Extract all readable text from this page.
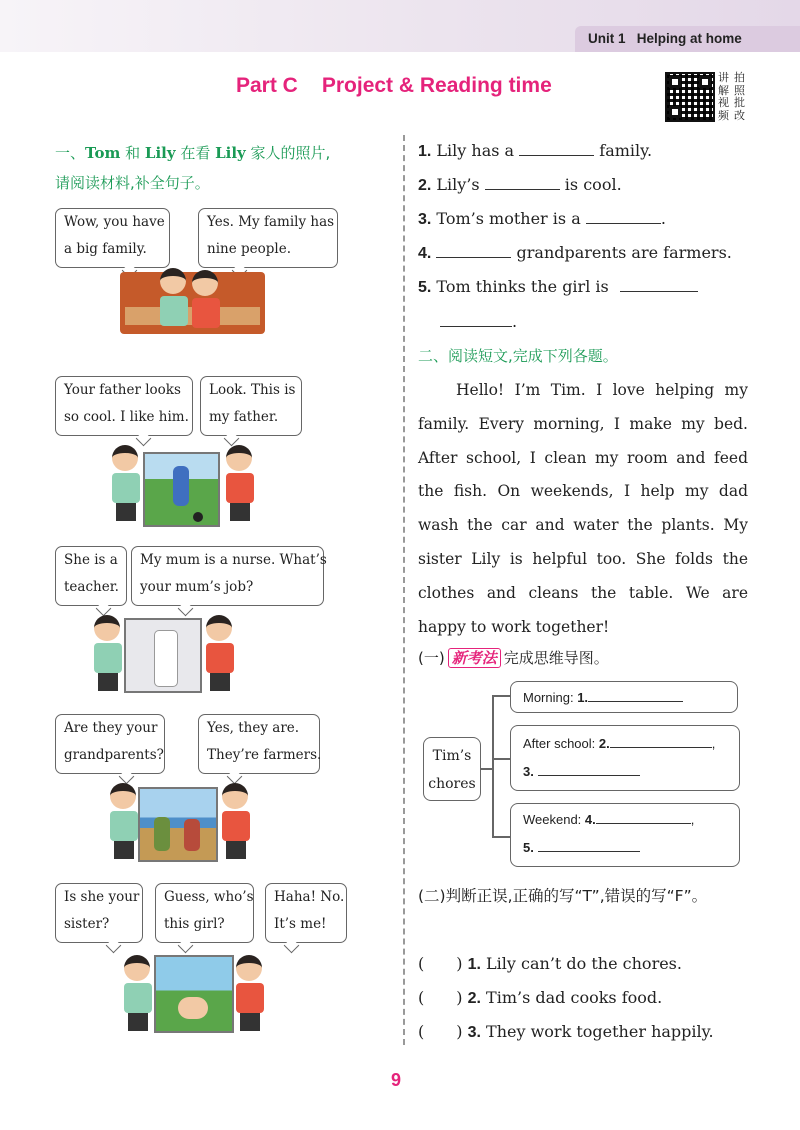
Unit 1 Helping at home
Part C Project & Reading time	讲 拍
解 照
视 批
频 改
一、Tom 和 Lily 在看 Lily 家人的照片,
请阅读材料,补全句子。
Wow, you have
a big family.
Yes. My family has
nine people.
Your father looks
so cool. I like him.
Look. This is
my father.
She is a
teacher.
My mum is a nurse. What’s
your mum’s job?
Are they your
grandparents?
Yes, they are.
They’re farmers.
Is she your
sister?
Guess, who’s
this girl?
Haha! No.
It’s me!
1. Lily has a	family.
2. Lily’s	is cool.
3. Tom’s mother is a	.
4.	grandparents are farmers.
5. Tom thinks the girl is
.
二、阅读短文,完成下列各题。

Hello! I’m Tim. I love helping my family. Every morning, I make my bed. After school, I clean my room and feed the fish. On weekends, I help my dad wash the car and water the plants. My sister Lily is helpful too. She folds the clothes and cleans the table. We are happy to work together!

(一) 新考法 完成思维导图。
Tim’s
chores
Morning: 1.
After school: 2.	,
3.
Weekend: 4.	,
5.
(二)判断正误,正确的写“T”,错误的写“F”。
(　　) 1. Lily can’t do the chores.
(　　) 2. Tim’s dad cooks food.
(　　) 3. They work together happily.
9
